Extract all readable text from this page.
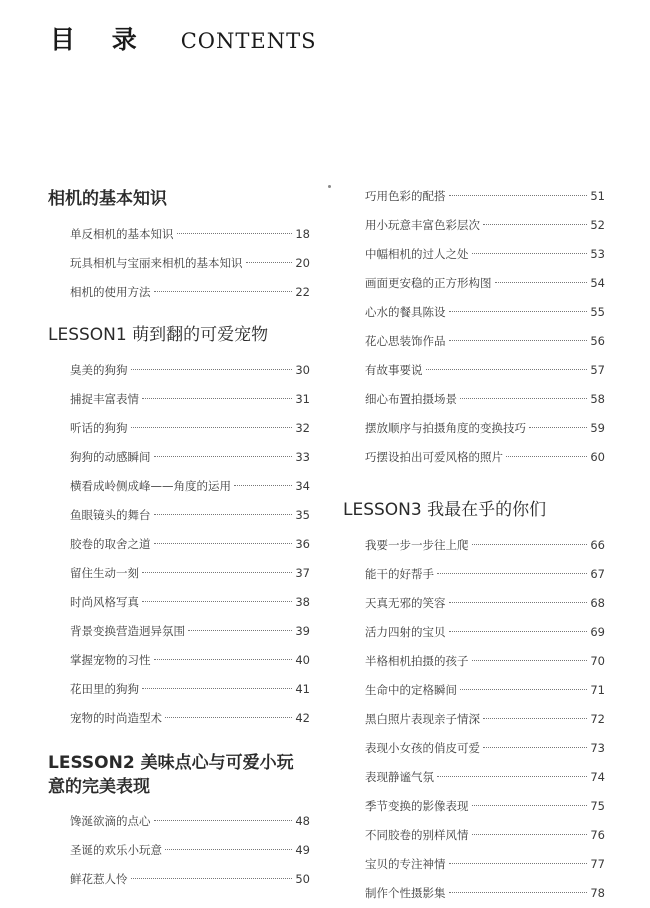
目 录 CONTENTS
相机的基本知识
单反相机的基本知识	18
玩具相机与宝丽来相机的基本知识	20
相机的使用方法	22
LESSON1 萌到翻的可爱宠物
臭美的狗狗	30
捕捉丰富表情	31
听话的狗狗	32
狗狗的动感瞬间	33
横看成岭侧成峰——角度的运用	34
鱼眼镜头的舞台	35
胶卷的取舍之道	36
留住生动一刻	37
时尚风格写真	38
背景变换营造迥异氛围	39
掌握宠物的习性	40
花田里的狗狗	41
宠物的时尚造型术	42
LESSON2 美味点心与可爱小玩
意的完美表现
馋涎欲滴的点心	48
圣诞的欢乐小玩意	49
鲜花惹人怜	50
巧用色彩的配搭	51
用小玩意丰富色彩层次	52
中幅相机的过人之处	53
画面更安稳的正方形构图	54
心水的餐具陈设	55
花心思装饰作品	56
有故事要说	57
细心布置拍摄场景	58
摆放顺序与拍摄角度的变换技巧	59
巧摆设拍出可爱风格的照片	60
LESSON3 我最在乎的你们
我要一步一步往上爬	66
能干的好帮手	67
天真无邪的笑容	68
活力四射的宝贝	69
半格相机拍摄的孩子	70
生命中的定格瞬间	71
黑白照片表现亲子情深	72
表现小女孩的俏皮可爱	73
表现静谧气氛	74
季节变换的影像表现	75
不同胶卷的别样风情	76
宝贝的专注神情	77
制作个性摄影集	78
